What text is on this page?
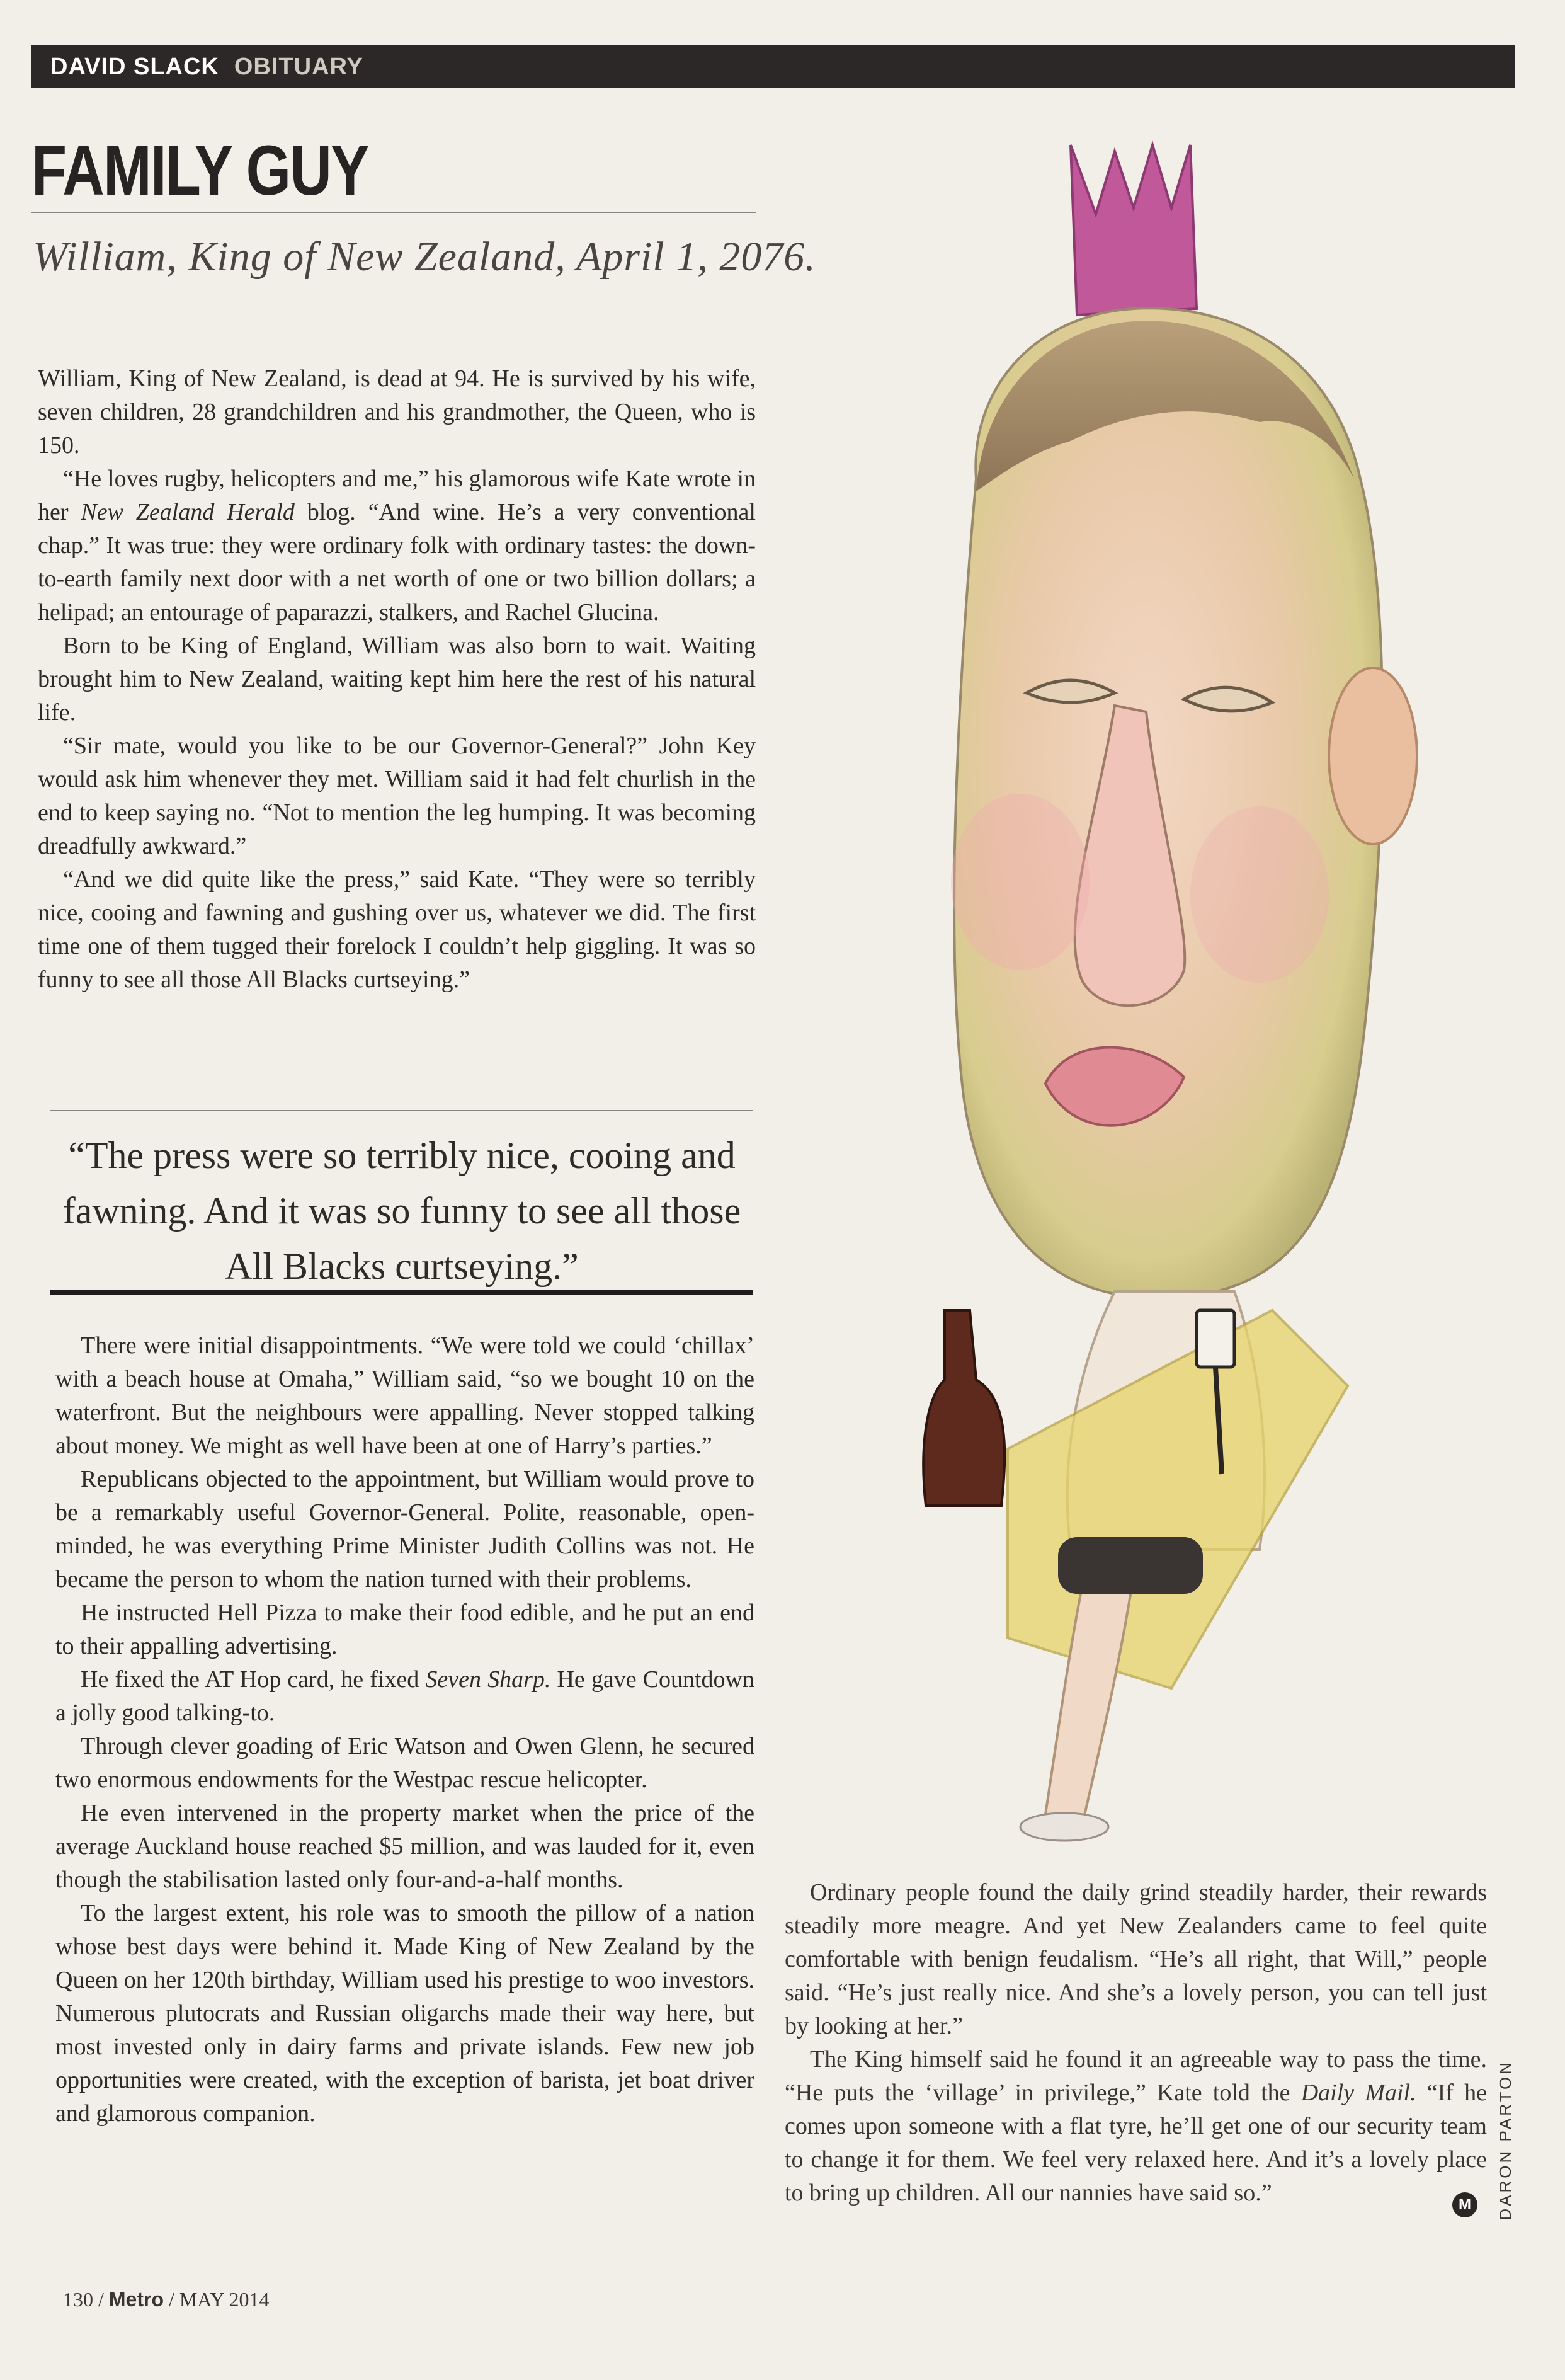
DAVID SLACK OBITUARY
FAMILY GUY
William, King of New Zealand, April 1, 2076.

William, King of New Zealand, is dead at 94. He is survived by his wife, seven children, 28 grandchildren and his grandmother, the Queen, who is 150.

“He loves rugby, helicopters and me,” his glamorous wife Kate wrote in her New Zealand Herald blog. “And wine. He’s a very conventional chap.” It was true: they were ordinary folk with ordinary tastes: the down-to-earth family next door with a net worth of one or two billion dollars; a helipad; an entourage of paparazzi, stalkers, and Rachel Glucina.

Born to be King of England, William was also born to wait. Waiting brought him to New Zealand, waiting kept him here the rest of his natural life.

“Sir mate, would you like to be our Governor-General?” John Key would ask him whenever they met. William said it had felt churlish in the end to keep saying no. “Not to mention the leg humping. It was becoming dreadfully awkward.”

“And we did quite like the press,” said Kate. “They were so terribly nice, cooing and fawning and gushing over us, whatever we did. The first time one of them tugged their forelock I couldn’t help giggling. It was so funny to see all those All Blacks curtseying.”

“The press were so terribly nice, cooing and fawning. And it was so funny to see all those All Blacks curtseying.”

There were initial disappointments. “We were told we could ‘chillax’ with a beach house at Omaha,” William said, “so we bought 10 on the waterfront. But the neighbours were appalling. Never stopped talking about money. We might as well have been at one of Harry’s parties.”

Republicans objected to the appointment, but William would prove to be a remarkably useful Governor-General. Polite, reasonable, open-minded, he was everything Prime Minister Judith Collins was not. He became the person to whom the nation turned with their problems.

He instructed Hell Pizza to make their food edible, and he put an end to their appalling advertising.

He fixed the AT Hop card, he fixed Seven Sharp. He gave Countdown a jolly good talking-to.

Through clever goading of Eric Watson and Owen Glenn, he secured two enormous endowments for the Westpac rescue helicopter.

He even intervened in the property market when the price of the average Auckland house reached $5 million, and was lauded for it, even though the stabilisation lasted only four-and-a-half months.

To the largest extent, his role was to smooth the pillow of a nation whose best days were behind it. Made King of New Zealand by the Queen on her 120th birthday, William used his prestige to woo investors. Numerous plutocrats and Russian oligarchs made their way here, but most invested only in dairy farms and private islands. Few new job opportunities were created, with the exception of barista, jet boat driver and glamorous companion.

Ordinary people found the daily grind steadily harder, their rewards steadily more meagre. And yet New Zealanders came to feel quite comfortable with benign feudalism. “He’s all right, that Will,” people said. “He’s just really nice. And she’s a lovely person, you can tell just by looking at her.”

The King himself said he found it an agreeable way to pass the time. “He puts the ‘village’ in privilege,” Kate told the Daily Mail. “If he comes upon someone with a flat tyre, he’ll get one of our security team to change it for them. We feel very relaxed here. And it’s a lovely place to bring up children. All our nannies have said so.”	DARON PARTON
M
130 / Metro / MAY 2014
